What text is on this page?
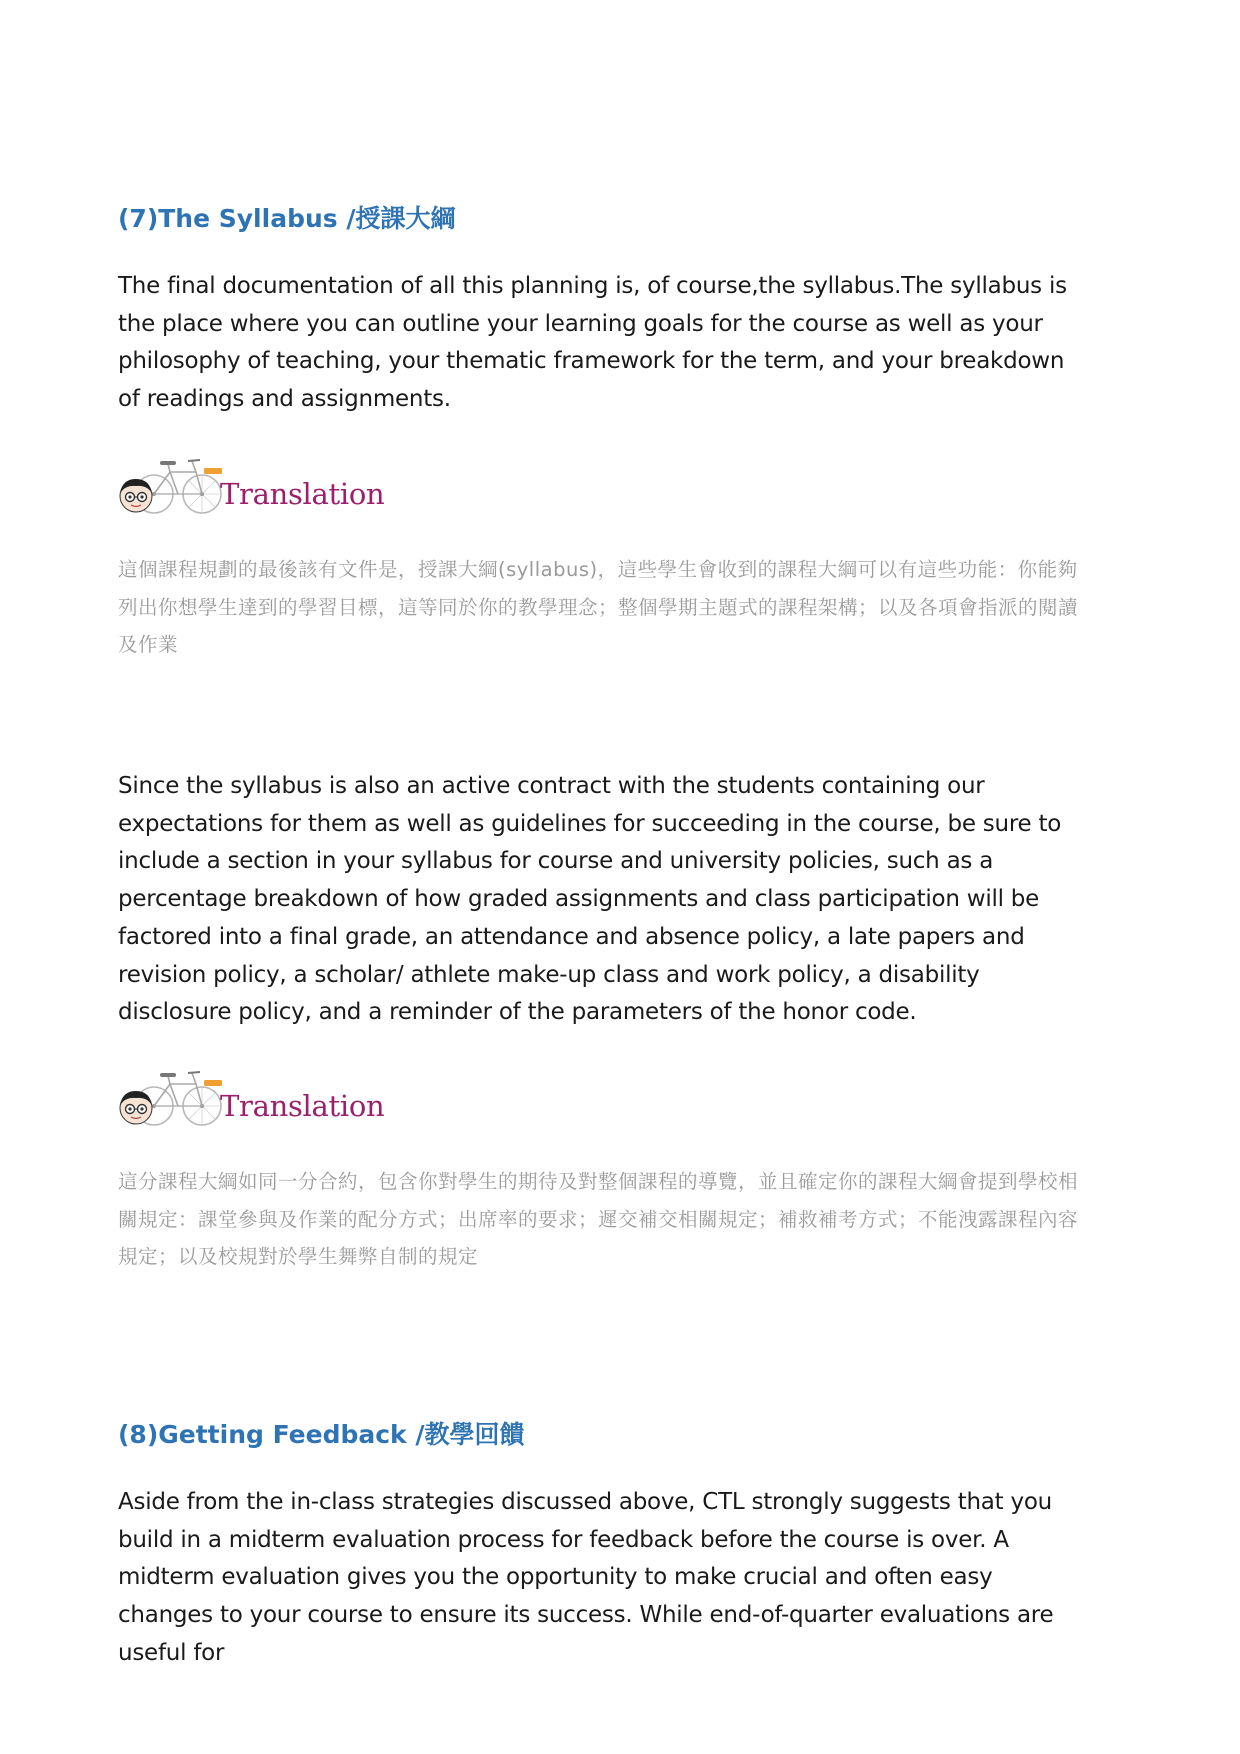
(7)The Syllabus /授課大綱

The final documentation of all this planning is, of course,the syllabus.The syllabus is the place where you can outline your learning goals for the course as well as your philosophy of teaching, your thematic framework for the term, and your breakdown of readings and assignments.

Translation

這個課程規劃的最後該有文件是，授課大綱(syllabus)，這些學生會收到的課程大綱可以有這些功能：你能夠列出你想學生達到的學習目標，這等同於你的教學理念；整個學期主題式的課程架構；以及各項會指派的閱讀及作業

Since the syllabus is also an active contract with the students containing our expectations for them as well as guidelines for succeeding in the course, be sure to include a section in your syllabus for course and university policies, such as a percentage breakdown of how graded assignments and class participation will be factored into a final grade, an attendance and absence policy, a late papers and revision policy, a scholar/ athlete make-up class and work policy, a disability disclosure policy, and a reminder of the parameters of the honor code.

Translation

這分課程大綱如同一分合約，包含你對學生的期待及對整個課程的導覽，並且確定你的課程大綱會提到學校相關規定：課堂參與及作業的配分方式；出席率的要求；遲交補交相關規定；補救補考方式；不能洩露課程內容規定；以及校規對於學生舞弊自制的規定

(8)Getting Feedback /教學回饋

Aside from the in-class strategies discussed above, CTL strongly suggests that you build in a midterm evaluation process for feedback before the course is over. A midterm evaluation gives you the opportunity to make crucial and often easy changes to your course to ensure its success. While end-of-quarter evaluations are useful for
